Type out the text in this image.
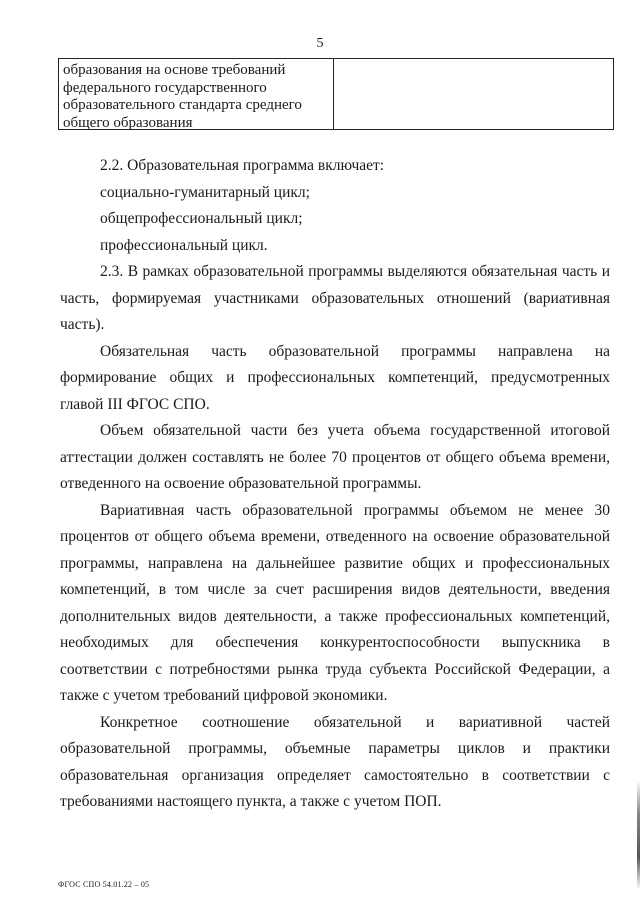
5
образования на основе требований
федерального государственного
образовательного стандарта среднего
общего образования

2.2. Образовательная программа включает:

социально-гуманитарный цикл;

общепрофессиональный цикл;

профессиональный цикл.

2.3. В рамках образовательной программы выделяются обязательная часть и часть, формируемая участниками образовательных отношений (вариативная часть).

Обязательная часть образовательной программы направлена на формирование общих и профессиональных компетенций, предусмотренных главой III ФГОС СПО.

Объем обязательной части без учета объема государственной итоговой аттестации должен составлять не более 70 процентов от общего объема времени, отведенного на освоение образовательной программы.

Вариативная часть образовательной программы объемом не менее 30 процентов от общего объема времени, отведенного на освоение образовательной программы, направлена на дальнейшее развитие общих и профессиональных компетенций, в том числе за счет расширения видов деятельности, введения дополнительных видов деятельности, а также профессиональных компетенций, необходимых для обеспечения конкурентоспособности выпускника в соответствии с потребностями рынка труда субъекта Российской Федерации, а также с учетом требований цифровой экономики.

Конкретное соотношение обязательной и вариативной частей образовательной программы, объемные параметры циклов и практики образовательная организация определяет самостоятельно в соответствии с требованиями настоящего пункта, а также с учетом ПОП.

ФГОС СПО 54.01.22 – 05
